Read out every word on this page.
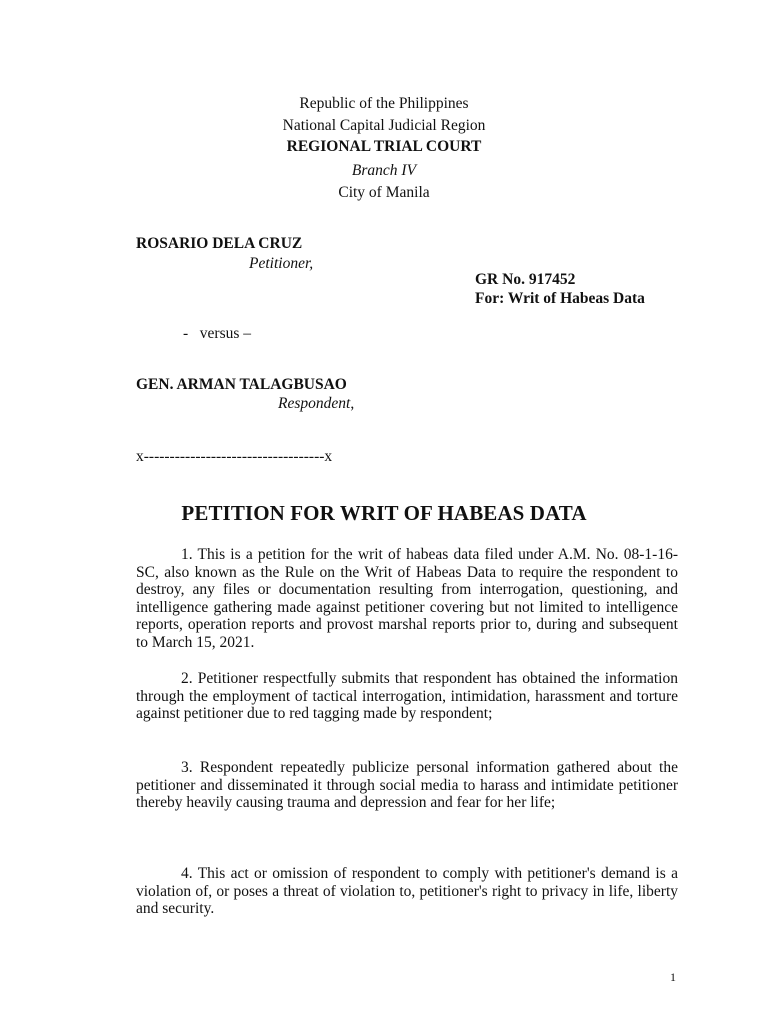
Republic of the Philippines
National Capital Judicial Region
REGIONAL TRIAL COURT
Branch IV
City of Manila
ROSARIO DELA CRUZ
Petitioner,
GR No. 917452
For: Writ of Habeas Data
-   versus –
GEN. ARMAN TALAGBUSAO
Respondent,
x-----------------------------------x
PETITION FOR WRIT OF HABEAS DATA
1. This is a petition for the writ of habeas data filed under A.M. No. 08-1-16- SC, also known as the Rule on the Writ of Habeas Data to require the respondent to destroy, any files or documentation resulting from interrogation, questioning, and intelligence gathering made against petitioner covering but not limited to intelligence reports, operation reports and provost marshal reports prior to, during and subsequent to March 15, 2021.
2. Petitioner respectfully submits that respondent has obtained the information through the employment of tactical interrogation, intimidation, harassment and torture against petitioner due to red tagging made by respondent;
3. Respondent repeatedly publicize personal information gathered about the petitioner and disseminated it through social media to harass and intimidate petitioner thereby heavily causing trauma and depression and fear for her life;
4. This act or omission of respondent to comply with petitioner's demand is a violation of, or poses a threat of violation to, petitioner's right to privacy in life, liberty and security.
1
